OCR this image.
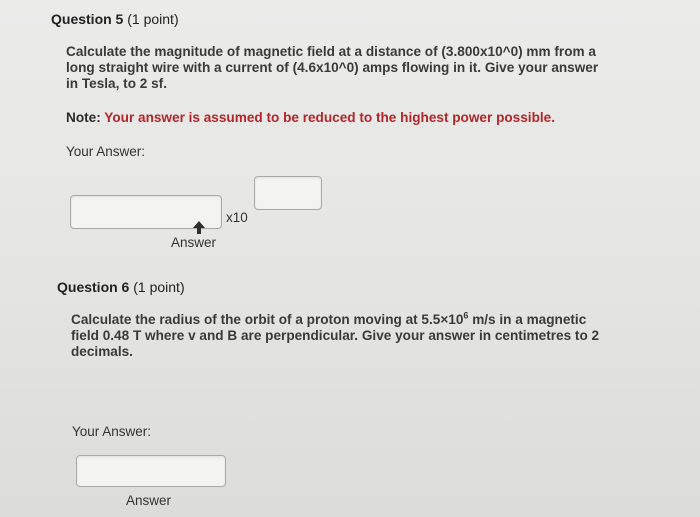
Question 5 (1 point)
Calculate the magnitude of magnetic field at a distance of (3.800x10^0) mm from a
long straight wire with a current of (4.6x10^0) amps flowing in it. Give your answer
in Tesla, to 2 sf.
Note: Your answer is assumed to be reduced to the highest power possible.
Your Answer:
x10
Answer
Question 6 (1 point)
Calculate the radius of the orbit of a proton moving at $5.5\times 10^6$ m/s in a magnetic
field 0.48 T where v and B are perpendicular. Give your answer in centimetres to 2
decimals.
Your Answer:
Answer
